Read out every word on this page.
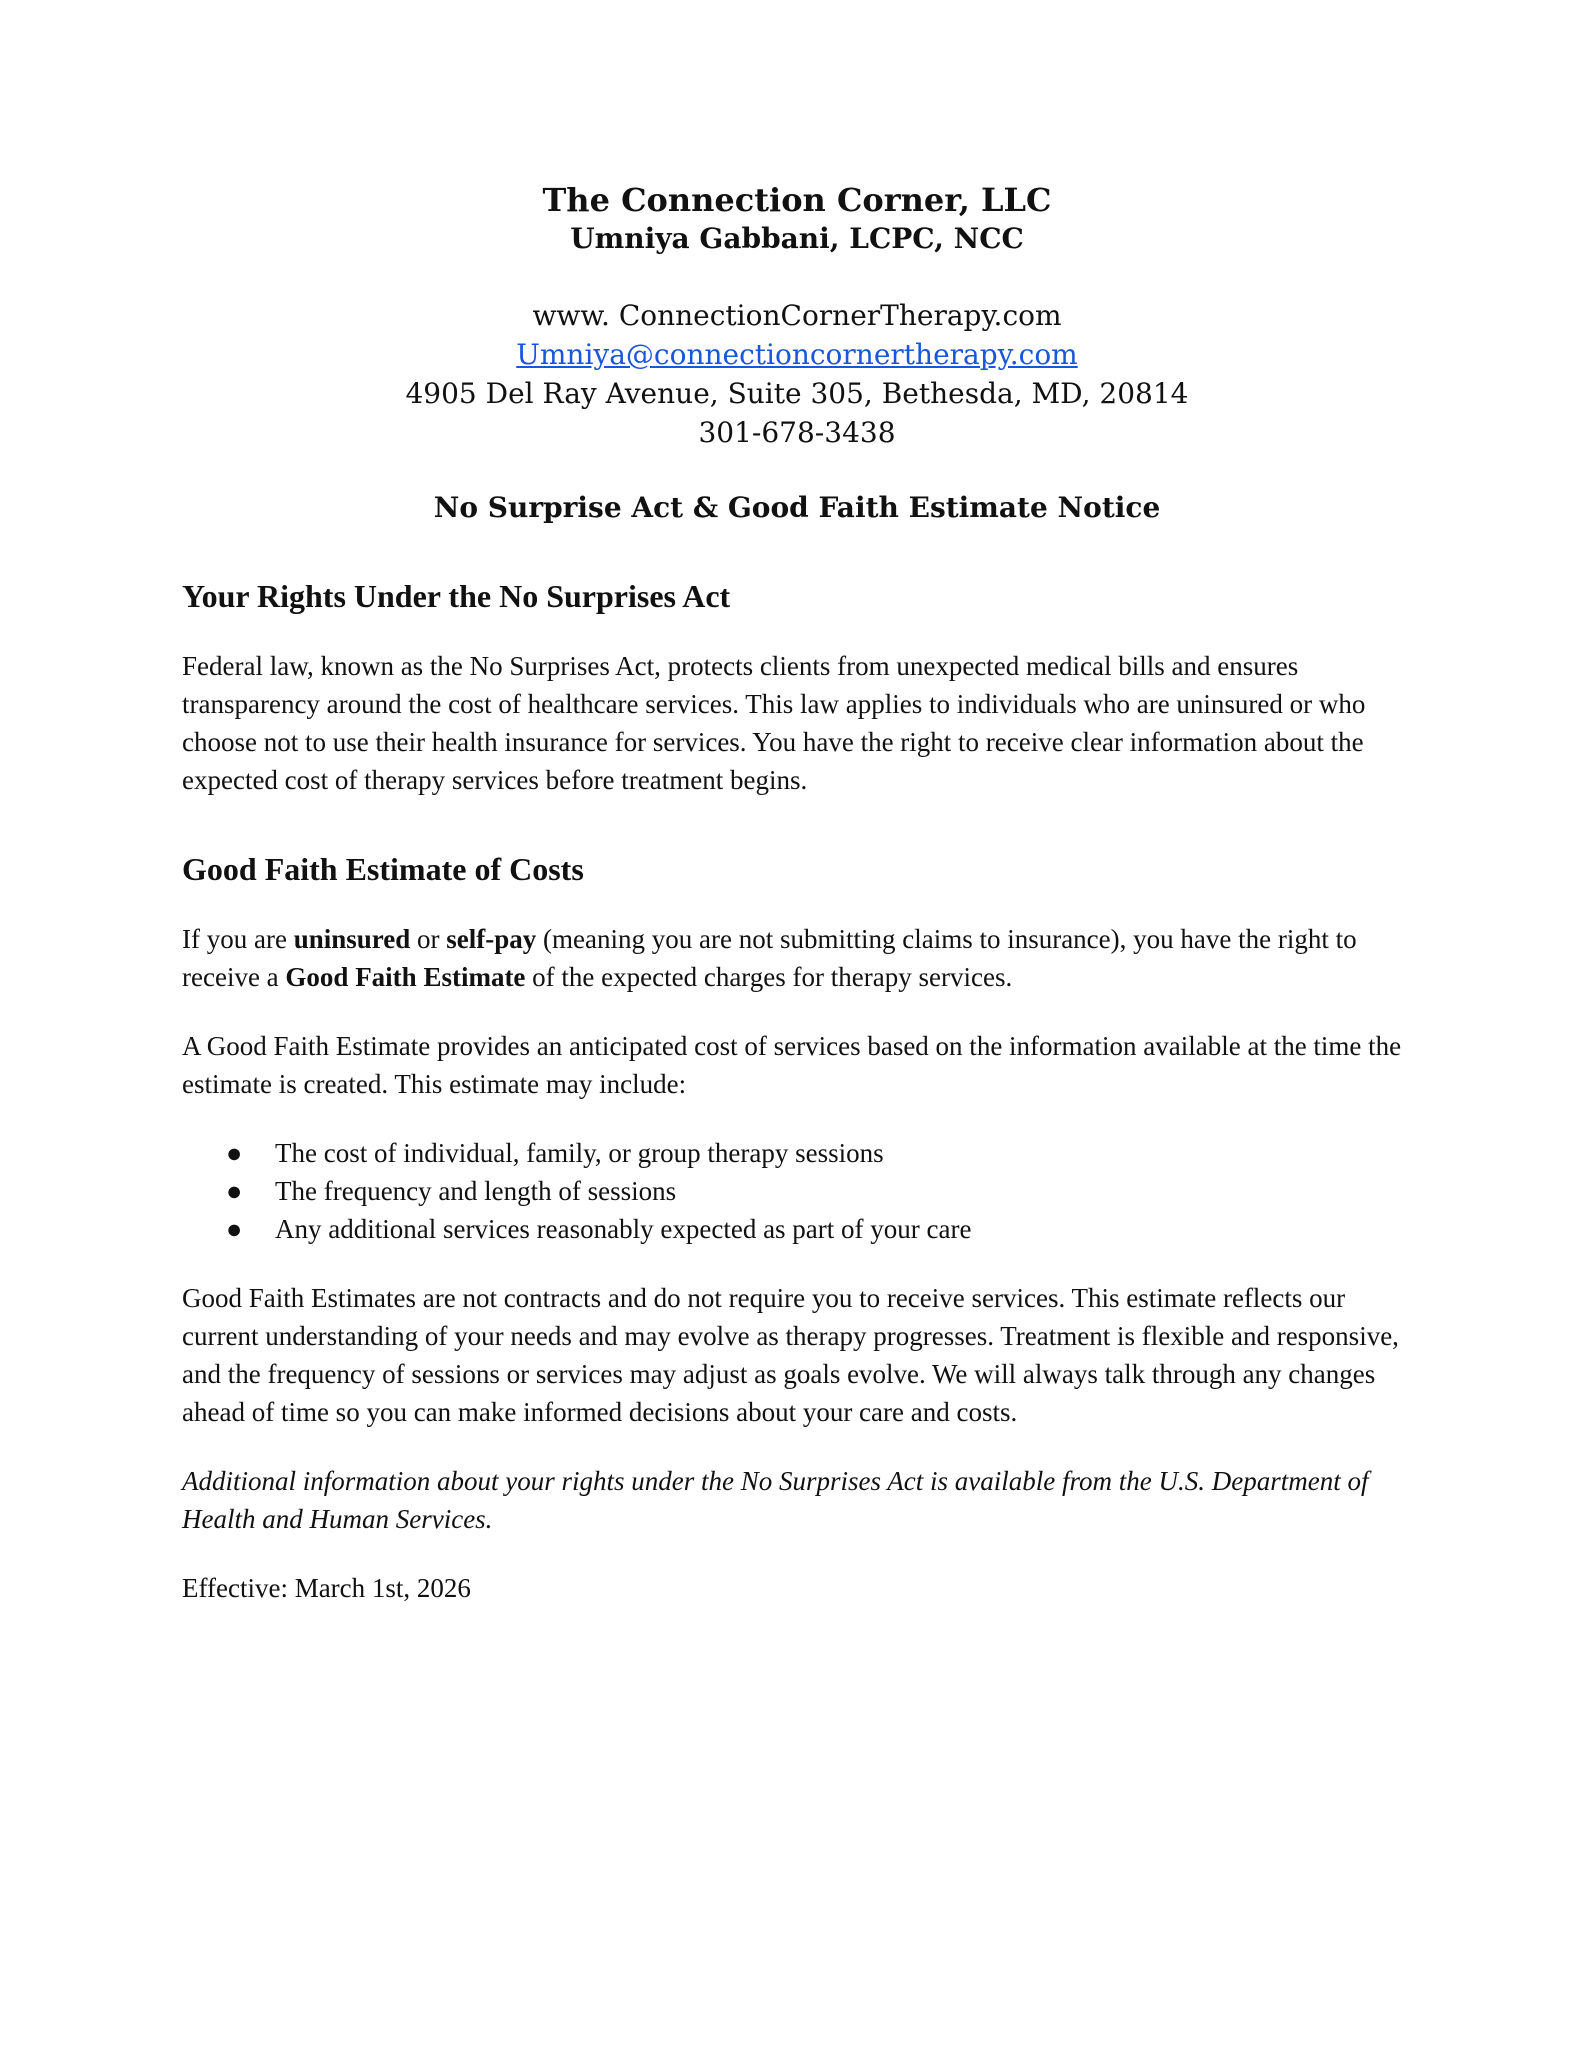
The Connection Corner, LLC

Umniya Gabbani, LCPC, NCC

www. ConnectionCornerTherapy.com

Umniya@connectioncornertherapy.com

4905 Del Ray Avenue, Suite 305, Bethesda, MD, 20814

301-678-3438

No Surprise Act & Good Faith Estimate Notice

Your Rights Under the No Surprises Act

Federal law, known as the No Surprises Act, protects clients from unexpected medical bills and ensures transparency around the cost of healthcare services. This law applies to individuals who are uninsured or who choose not to use their health insurance for services. You have the right to receive clear information about the expected cost of therapy services before treatment begins.

Good Faith Estimate of Costs

If you are uninsured or self-pay (meaning you are not submitting claims to insurance), you have the right to receive a Good Faith Estimate of the expected charges for therapy services.

A Good Faith Estimate provides an anticipated cost of services based on the information available at the time the estimate is created. This estimate may include:

● The cost of individual, family, or group therapy sessions
● The frequency and length of sessions
● Any additional services reasonably expected as part of your care

Good Faith Estimates are not contracts and do not require you to receive services. This estimate reflects our current understanding of your needs and may evolve as therapy progresses. Treatment is flexible and responsive, and the frequency of sessions or services may adjust as goals evolve. We will always talk through any changes ahead of time so you can make informed decisions about your care and costs.

Additional information about your rights under the No Surprises Act is available from the U.S. Department of Health and Human Services.

Effective: March 1st, 2026
